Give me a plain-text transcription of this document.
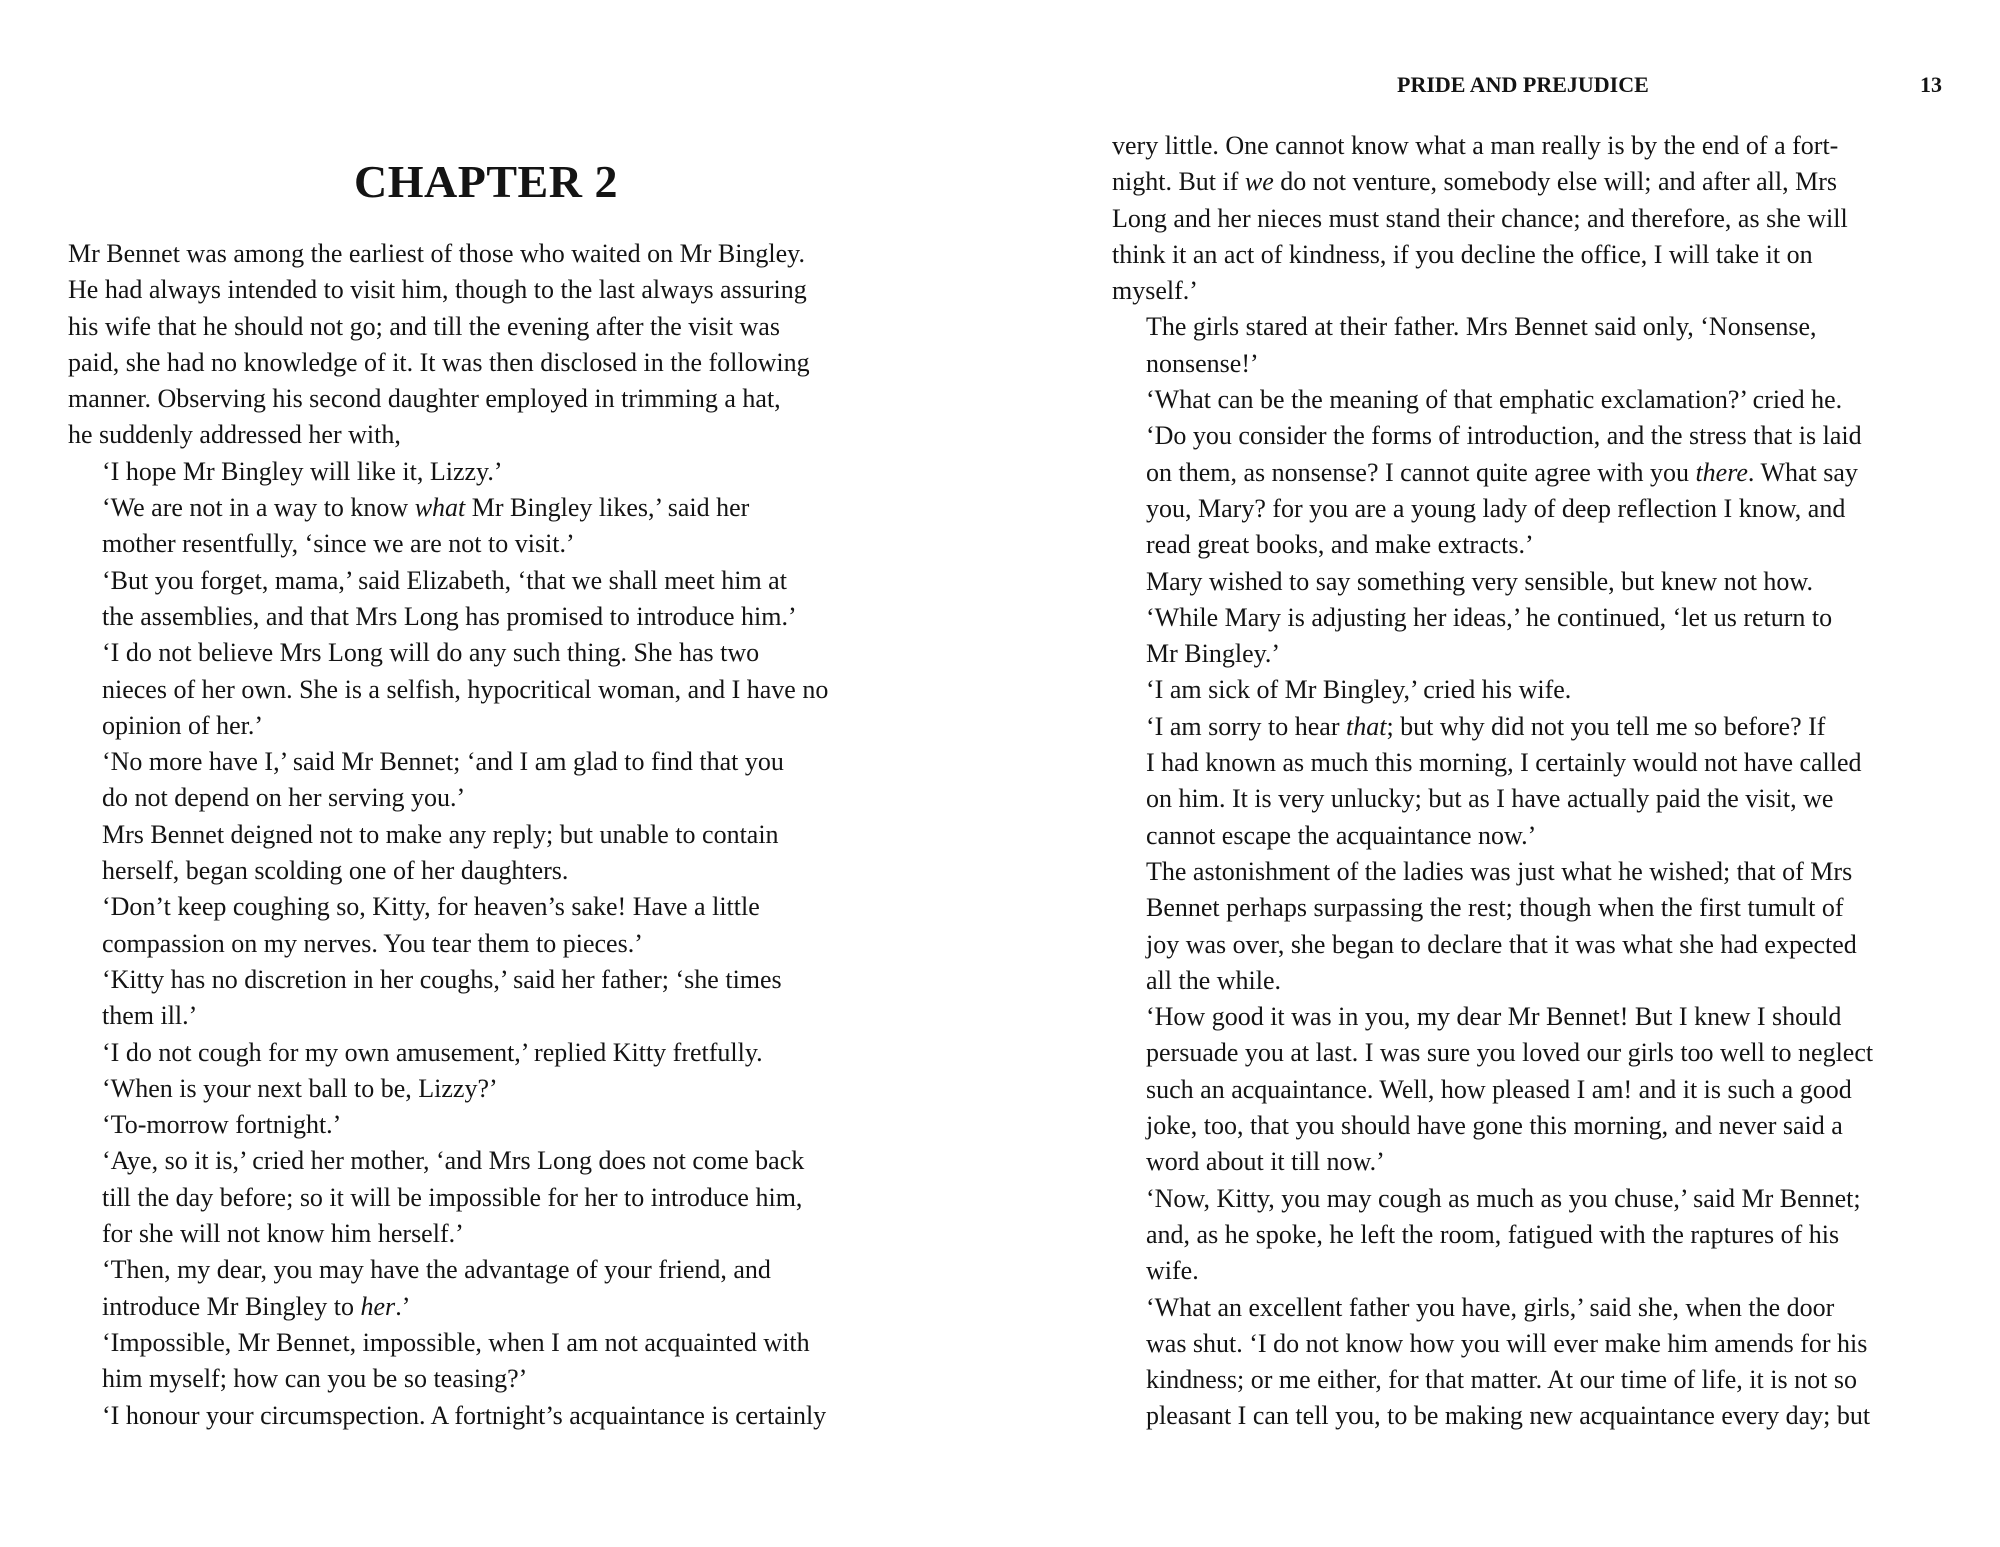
CHAPTER 2

Mr Bennet was among the earliest of those who waited on Mr Bingley.
He had always intended to visit him, though to the last always assuring
his wife that he should not go; and till the evening after the visit was
paid, she had no knowledge of it. It was then disclosed in the following
manner. Observing his second daughter employed in trimming a hat,
he suddenly addressed her with,

‘I hope Mr Bingley will like it, Lizzy.’

‘We are not in a way to know what Mr Bingley likes,’ said her
mother resentfully, ‘since we are not to visit.’

‘But you forget, mama,’ said Elizabeth, ‘that we shall meet him at
the assemblies, and that Mrs Long has promised to introduce him.’

‘I do not believe Mrs Long will do any such thing. She has two
nieces of her own. She is a selfish, hypocritical woman, and I have no
opinion of her.’

‘No more have I,’ said Mr Bennet; ‘and I am glad to find that you
do not depend on her serving you.’

Mrs Bennet deigned not to make any reply; but unable to contain
herself, began scolding one of her daughters.

‘Don’t keep coughing so, Kitty, for heaven’s sake! Have a little
compassion on my nerves. You tear them to pieces.’

‘Kitty has no discretion in her coughs,’ said her father; ‘she times
them ill.’

‘I do not cough for my own amusement,’ replied Kitty fretfully.

‘When is your next ball to be, Lizzy?’

‘To-morrow fortnight.’

‘Aye, so it is,’ cried her mother, ‘and Mrs Long does not come back
till the day before; so it will be impossible for her to introduce him,
for she will not know him herself.’

‘Then, my dear, you may have the advantage of your friend, and
introduce Mr Bingley to her.’

‘Impossible, Mr Bennet, impossible, when I am not acquainted with
him myself; how can you be so teasing?’

‘I honour your circumspection. A fortnight’s acquaintance is certainly

PRIDE AND PREJUDICE	13

very little. One cannot know what a man really is by the end of a fort-
night. But if we do not venture, somebody else will; and after all, Mrs
Long and her nieces must stand their chance; and therefore, as she will
think it an act of kindness, if you decline the office, I will take it on
myself.’

The girls stared at their father. Mrs Bennet said only, ‘Nonsense,
nonsense!’

‘What can be the meaning of that emphatic exclamation?’ cried he.
‘Do you consider the forms of introduction, and the stress that is laid
on them, as nonsense? I cannot quite agree with you there. What say
you, Mary? for you are a young lady of deep reflection I know, and
read great books, and make extracts.’

Mary wished to say something very sensible, but knew not how.

‘While Mary is adjusting her ideas,’ he continued, ‘let us return to
Mr Bingley.’

‘I am sick of Mr Bingley,’ cried his wife.

‘I am sorry to hear that; but why did not you tell me so before? If
I had known as much this morning, I certainly would not have called
on him. It is very unlucky; but as I have actually paid the visit, we
cannot escape the acquaintance now.’

The astonishment of the ladies was just what he wished; that of Mrs
Bennet perhaps surpassing the rest; though when the first tumult of
joy was over, she began to declare that it was what she had expected
all the while.

‘How good it was in you, my dear Mr Bennet! But I knew I should
persuade you at last. I was sure you loved our girls too well to neglect
such an acquaintance. Well, how pleased I am! and it is such a good
joke, too, that you should have gone this morning, and never said a
word about it till now.’

‘Now, Kitty, you may cough as much as you chuse,’ said Mr Bennet;
and, as he spoke, he left the room, fatigued with the raptures of his
wife.

‘What an excellent father you have, girls,’ said she, when the door
was shut. ‘I do not know how you will ever make him amends for his
kindness; or me either, for that matter. At our time of life, it is not so
pleasant I can tell you, to be making new acquaintance every day; but
